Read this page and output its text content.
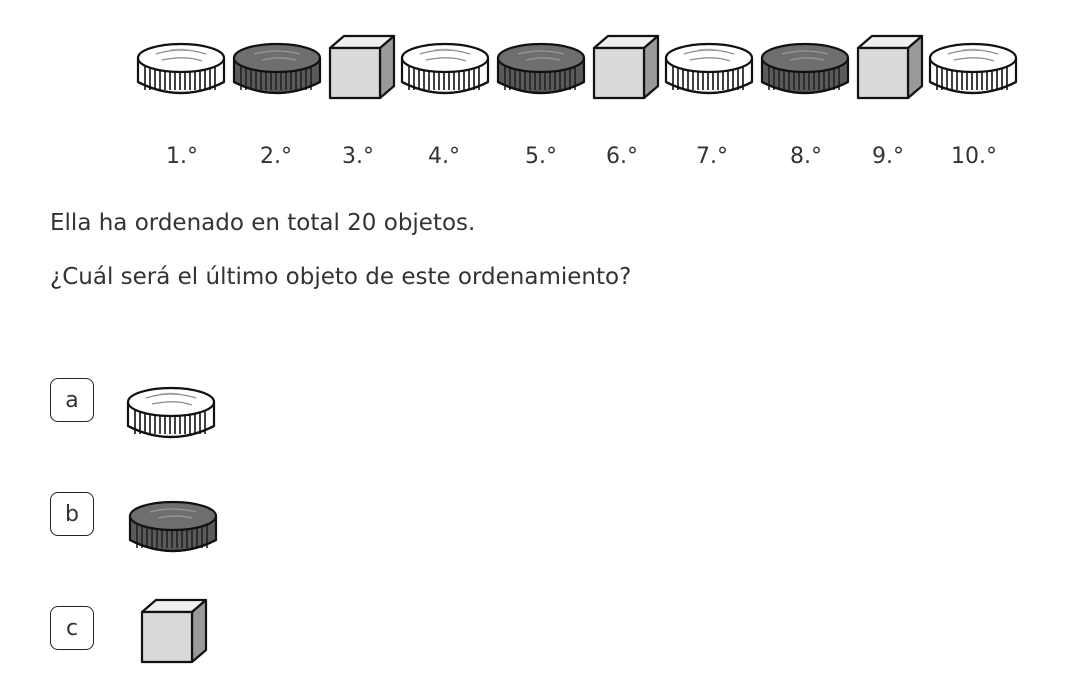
1.°	2.° 3.° 4.°	5.° 6.°	7.°	8.° 9.° 10.°
Ella ha ordenado en total 20 objetos.
¿Cuál será el último objeto de este ordenamiento?
a
b
c
